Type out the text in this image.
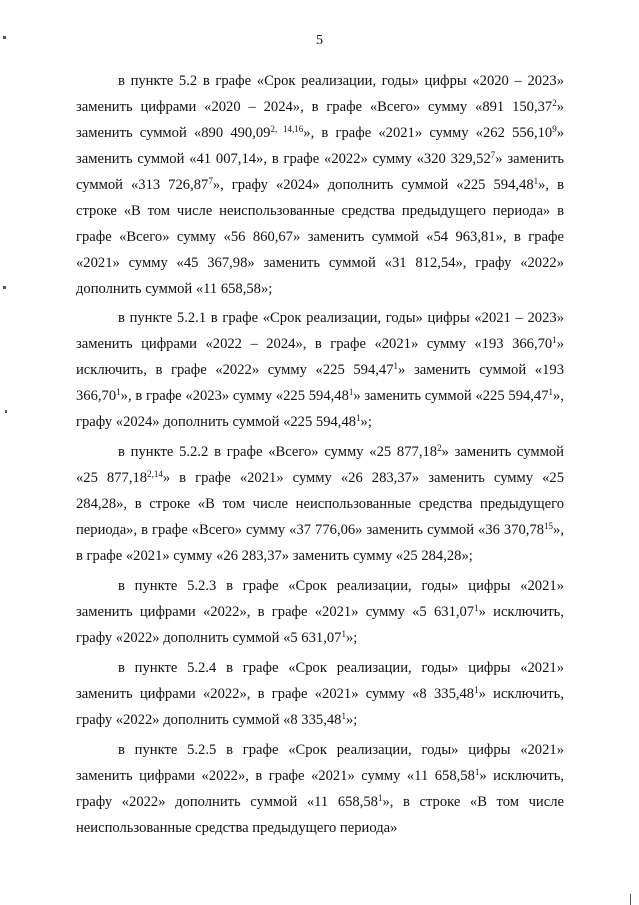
5

в пункте 5.2 в графе «Срок реализации, годы» цифры «2020 – 2023» заменить цифрами «2020 – 2024», в графе «Всего» сумму «891 150,37$^2$» заменить суммой «890 490,09$^{2, 14,16}$», в графе «2021» сумму «262 556,10$^9$» заменить суммой «41 007,14», в графе «2022» сумму «320 329,52$^7$» заменить суммой «313 726,87$^7$», графу «2024» дополнить суммой «225 594,48$^1$», в строке «В том числе неиспользованные средства предыдущего периода» в графе «Всего» сумму «56 860,67» заменить суммой «54 963,81», в графе «2021» сумму «45 367,98» заменить суммой «31 812,54», графу «2022» дополнить суммой «11 658,58»;

в пункте 5.2.1 в графе «Срок реализации, годы» цифры «2021 – 2023» заменить цифрами «2022 – 2024», в графе «2021» сумму «193 366,70$^1$» исключить, в графе «2022» сумму «225 594,47$^1$» заменить суммой «193 366,70$^1$», в графе «2023» сумму «225 594,48$^1$» заменить суммой «225 594,47$^1$», графу «2024» дополнить суммой «225 594,48$^1$»;

в пункте 5.2.2 в графе «Всего» сумму «25 877,18$^2$» заменить суммой «25 877,18$^{2,14}$» в графе «2021» сумму «26 283,37» заменить сумму «25 284,28», в строке «В том числе неиспользованные средства предыдущего периода», в графе «Всего» сумму «37 776,06» заменить суммой «36 370,78$^{15}$», в графе «2021» сумму «26 283,37» заменить сумму «25 284,28»;

в пункте 5.2.3 в графе «Срок реализации, годы» цифры «2021» заменить цифрами «2022», в графе «2021» сумму «5 631,07$^1$» исключить, графу «2022» дополнить суммой «5 631,07$^1$»;

в пункте 5.2.4 в графе «Срок реализации, годы» цифры «2021» заменить цифрами «2022», в графе «2021» сумму «8 335,48$^1$» исключить, графу «2022» дополнить суммой «8 335,48$^1$»;

в пункте 5.2.5 в графе «Срок реализации, годы» цифры «2021» заменить цифрами «2022», в графе «2021» сумму «11 658,58$^1$» исключить, графу «2022» дополнить суммой «11 658,58$^1$», в строке «В том числе неиспользованные средства предыдущего периода»
